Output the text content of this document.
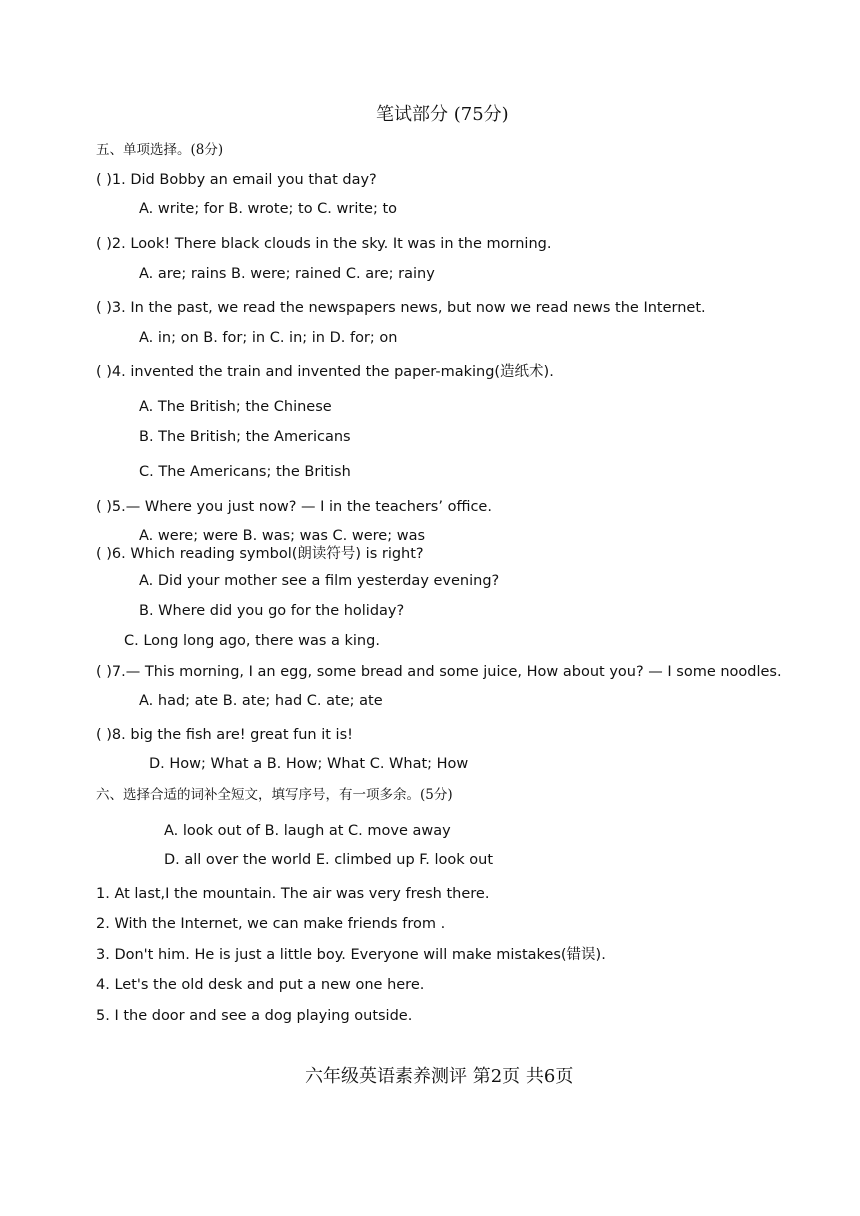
笔试部分 (75分)
五、单项选择。(8分)
( )1. Did Bobby an email you that day?
A. write; for B. wrote; to C. write; to
( )2. Look! There black clouds in the sky. It was in the morning.
A. are; rains B. were; rained C. are; rainy
( )3. In the past, we read the newspapers news, but now we read news the Internet.
A. in; on B. for; in C. in; in D. for; on
( )4. invented the train and invented the paper-making(造纸术).
A. The British; the Chinese
B. The British; the Americans
C. The Americans; the British
( )5.— Where you just now? — I in the teachers’ office.
A. were; were B. was; was C. were; was
( )6. Which reading symbol(朗读符号) is right?
A. Did your mother see a film yesterday evening?
B. Where did you go for the holiday?
C. Long long ago, there was a king.
( )7.— This morning, I an egg, some bread and some juice, How about you? — I some noodles.
A. had; ate B. ate; had C. ate; ate
( )8. big the fish are! great fun it is!
D. How; What a B. How; What C. What; How
六、选择合适的词补全短文，填写序号，有一项多余。(5分)
A. look out of B. laugh at C. move away
D. all over the world E. climbed up F. look out
1. At last,I the mountain. The air was very fresh there.
2. With the Internet, we can make friends from .
3. Don't him. He is just a little boy. Everyone will make mistakes(错误).
4. Let's the old desk and put a new one here.
5. I the door and see a dog playing outside.
六年级英语素养测评 第2页 共6页
